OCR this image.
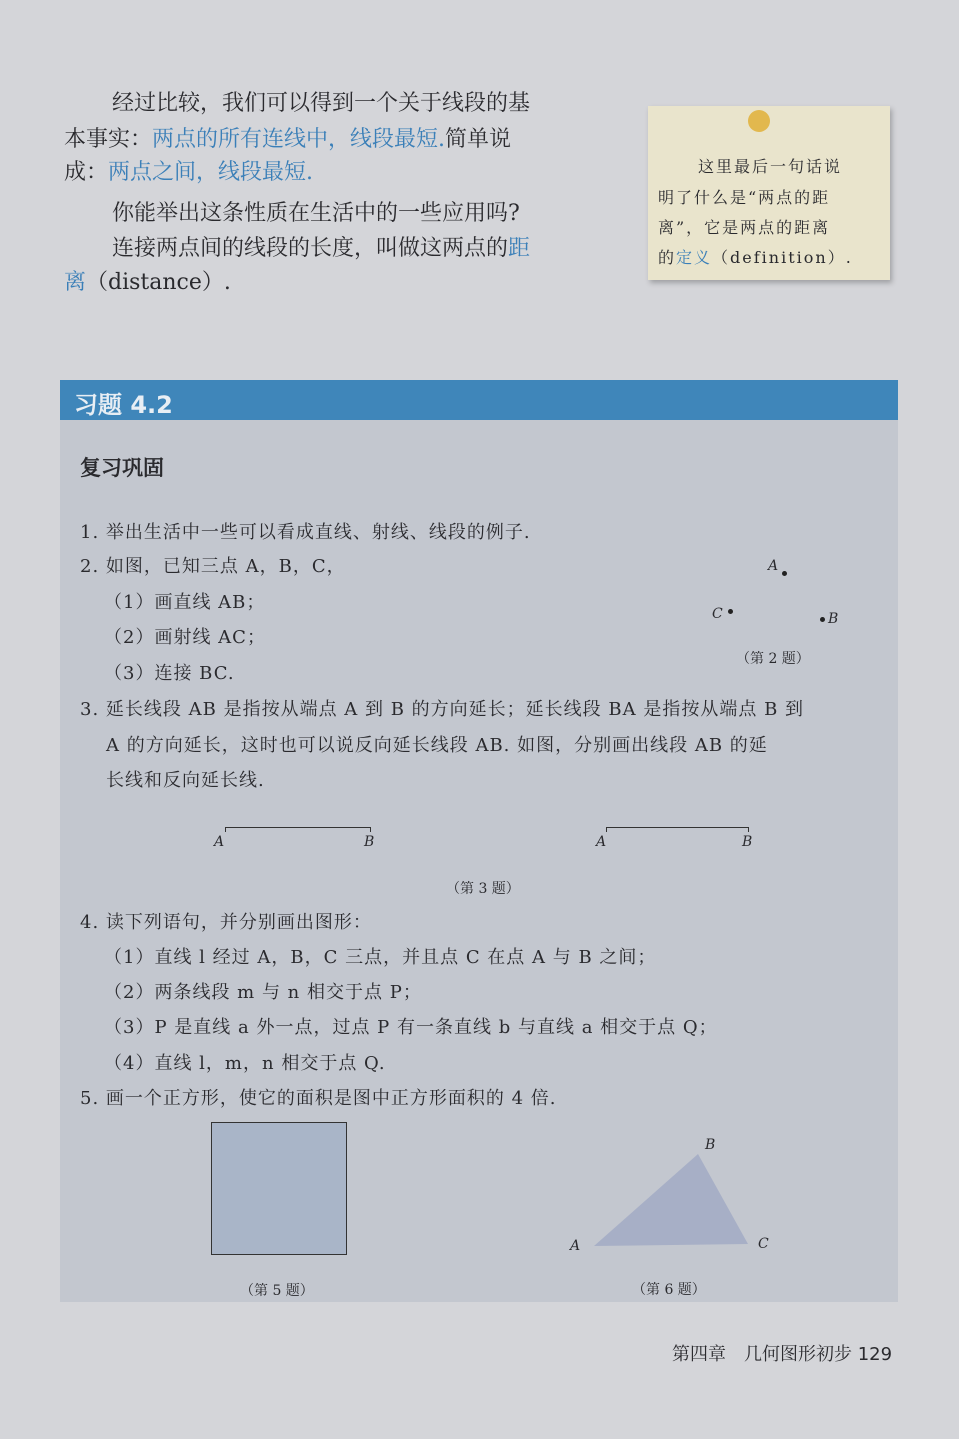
经过比较，我们可以得到一个关于线段的基
本事实：两点的所有连线中，线段最短.简单说
成：两点之间，线段最短.
你能举出这条性质在生活中的一些应用吗?
连接两点间的线段的长度，叫做这两点的距
离（distance）.
这里最后一句话说
明了什么是“两点的距
离”，它是两点的距离
的定义（definition）.
习题 4.2
复习巩固
1. 举出生活中一些可以看成直线、射线、线段的例子.
2. 如图，已知三点 A，B，C，
（1）画直线 AB；
（2）画射线 AC；
（3）连接 BC.
A
C	B
（第 2 题）
3. 延长线段 AB 是指按从端点 A 到 B 的方向延长；延长线段 BA 是指按从端点 B 到
A 的方向延长，这时也可以说反向延长线段 AB. 如图，分别画出线段 AB 的延
长线和反向延长线.
A	B	A	B
（第 3 题）
4. 读下列语句，并分别画出图形：
（1）直线 l 经过 A，B，C 三点，并且点 C 在点 A 与 B 之间；
（2）两条线段 m 与 n 相交于点 P；
（3）P 是直线 a 外一点，过点 P 有一条直线 b 与直线 a 相交于点 Q；
（4）直线 l，m，n 相交于点 Q.
5. 画一个正方形，使它的面积是图中正方形面积的 4 倍.
（第 5 题）
B
A	C
（第 6 题）
第四章　几何图形初步 129
